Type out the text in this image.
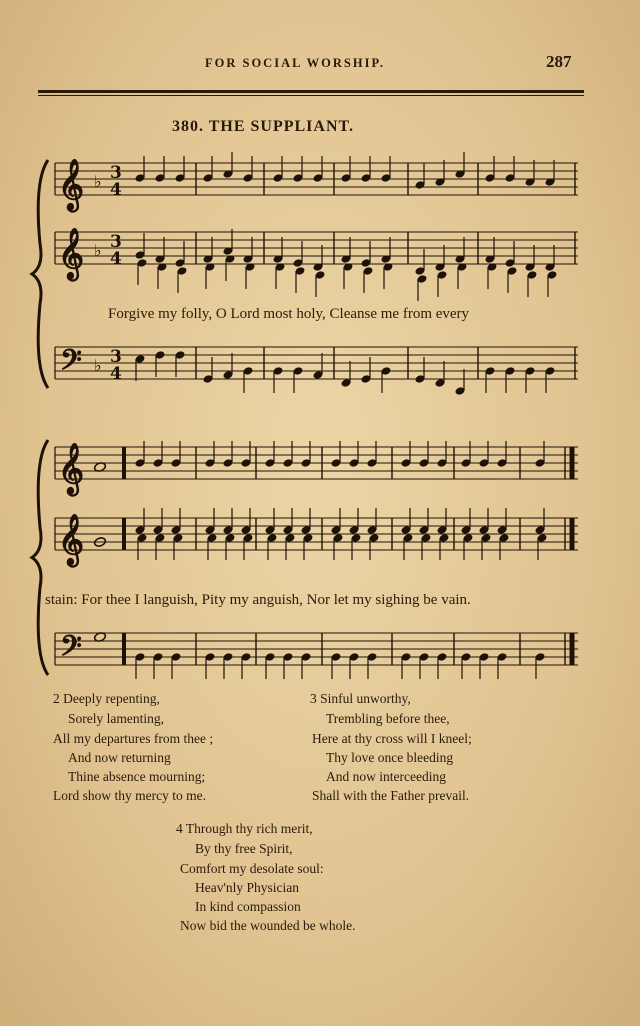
FOR SOCIAL WORSHIP.	287
380. THE SUPPLIANT.
𝄞
𝄞
𝄢
♭ 3
4
♭ 3
4
♭ 3
4
𝄞
𝄞
𝄢
Forgive my folly, O Lord most holy, Cleanse me from every
stain: For thee I languish, Pity my anguish, Nor let my sighing be vain.
2 Deeply repenting,
Sorely lamenting,
All my departures from thee ;
And now returning
Thine absence mourning;
Lord show thy mercy to me.
3 Sinful unworthy,
Trembling before thee,
Here at thy cross will I kneel;
Thy love once bleeding
And now interceeding
Shall with the Father prevail.
4 Through thy rich merit,
By thy free Spirit,
Comfort my desolate soul:
Heav'nly Physician
In kind compassion
Now bid the wounded be whole.
